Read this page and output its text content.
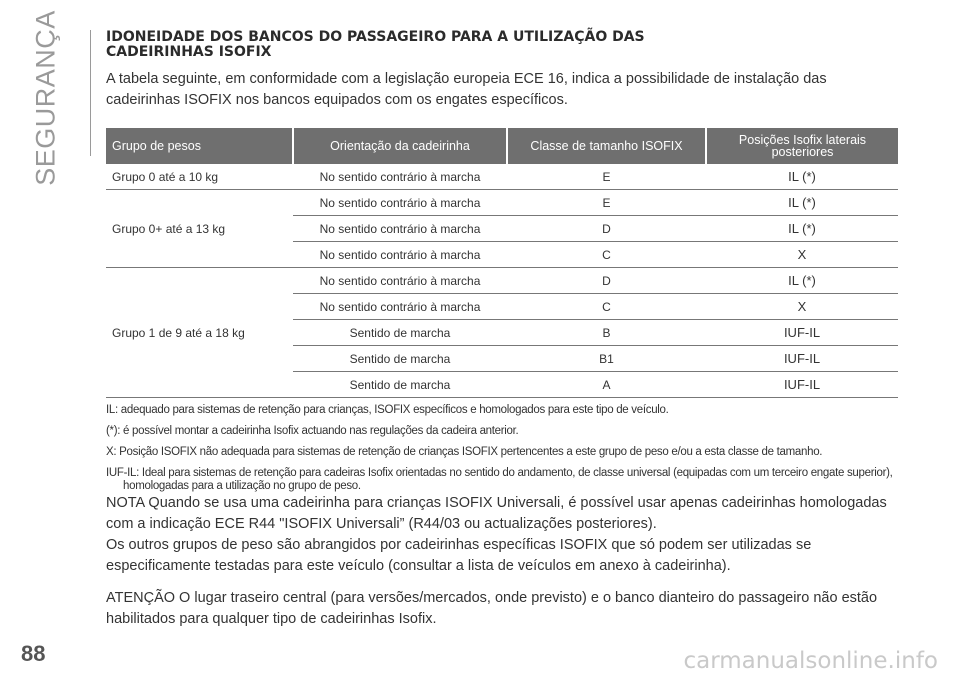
SEGURANÇA	IDONEIDADE DOS BANCOS DO PASSAGEIRO PARA A UTILIZAÇÃO DAS
CADEIRINHAS ISOFIX

A tabela seguinte, em conformidade com a legislação europeia ECE 16, indica a possibilidade de instalação das cadeirinhas ISOFIX nos bancos equipados com os engates específicos.

Grupo de pesos	Orientação da cadeirinha	Classe de tamanho ISOFIX	Posições Isofix laterais
posteriores

Grupo 0 até a 10 kg	No sentido contrário à marcha	E	IL (*)
Grupo 0+ até a 13 kg	No sentido contrário à marcha	E	IL (*)
	No sentido contrário à marcha	D	IL (*)
	No sentido contrário à marcha	C	X
Grupo 1 de 9 até a 18 kg	No sentido contrário à marcha	D	IL (*)
	No sentido contrário à marcha	C	X
	Sentido de marcha	B	IUF-IL
	Sentido de marcha	B1	IUF-IL
	Sentido de marcha	A	IUF-IL

IL: adequado para sistemas de retenção para crianças, ISOFIX específicos e homologados para este tipo de veículo.

(*): é possível montar a cadeirinha Isofix actuando nas regulações da cadeira anterior.

X: Posição ISOFIX não adequada para sistemas de retenção de crianças ISOFIX pertencentes a este grupo de peso e/ou a esta classe de tamanho.

IUF-IL: Ideal para sistemas de retenção para cadeiras Isofix orientadas no sentido do andamento, de classe universal (equipadas com um terceiro engate superior),
homologadas para a utilização no grupo de peso.

NOTA Quando se usa uma cadeirinha para crianças ISOFIX Universali, é possível usar apenas cadeirinhas homologadas com a indicação ECE R44 "ISOFIX Universali” (R44/03 ou actualizações posteriores).

Os outros grupos de peso são abrangidos por cadeirinhas específicas ISOFIX que só podem ser utilizadas se especificamente testadas para este veículo (consultar a lista de veículos em anexo à cadeirinha).

ATENÇÃO O lugar traseiro central (para versões/mercados, onde previsto) e o banco dianteiro do passageiro não estão habilitados para qualquer tipo de cadeirinhas Isofix.

88	carmanualsonline.info
